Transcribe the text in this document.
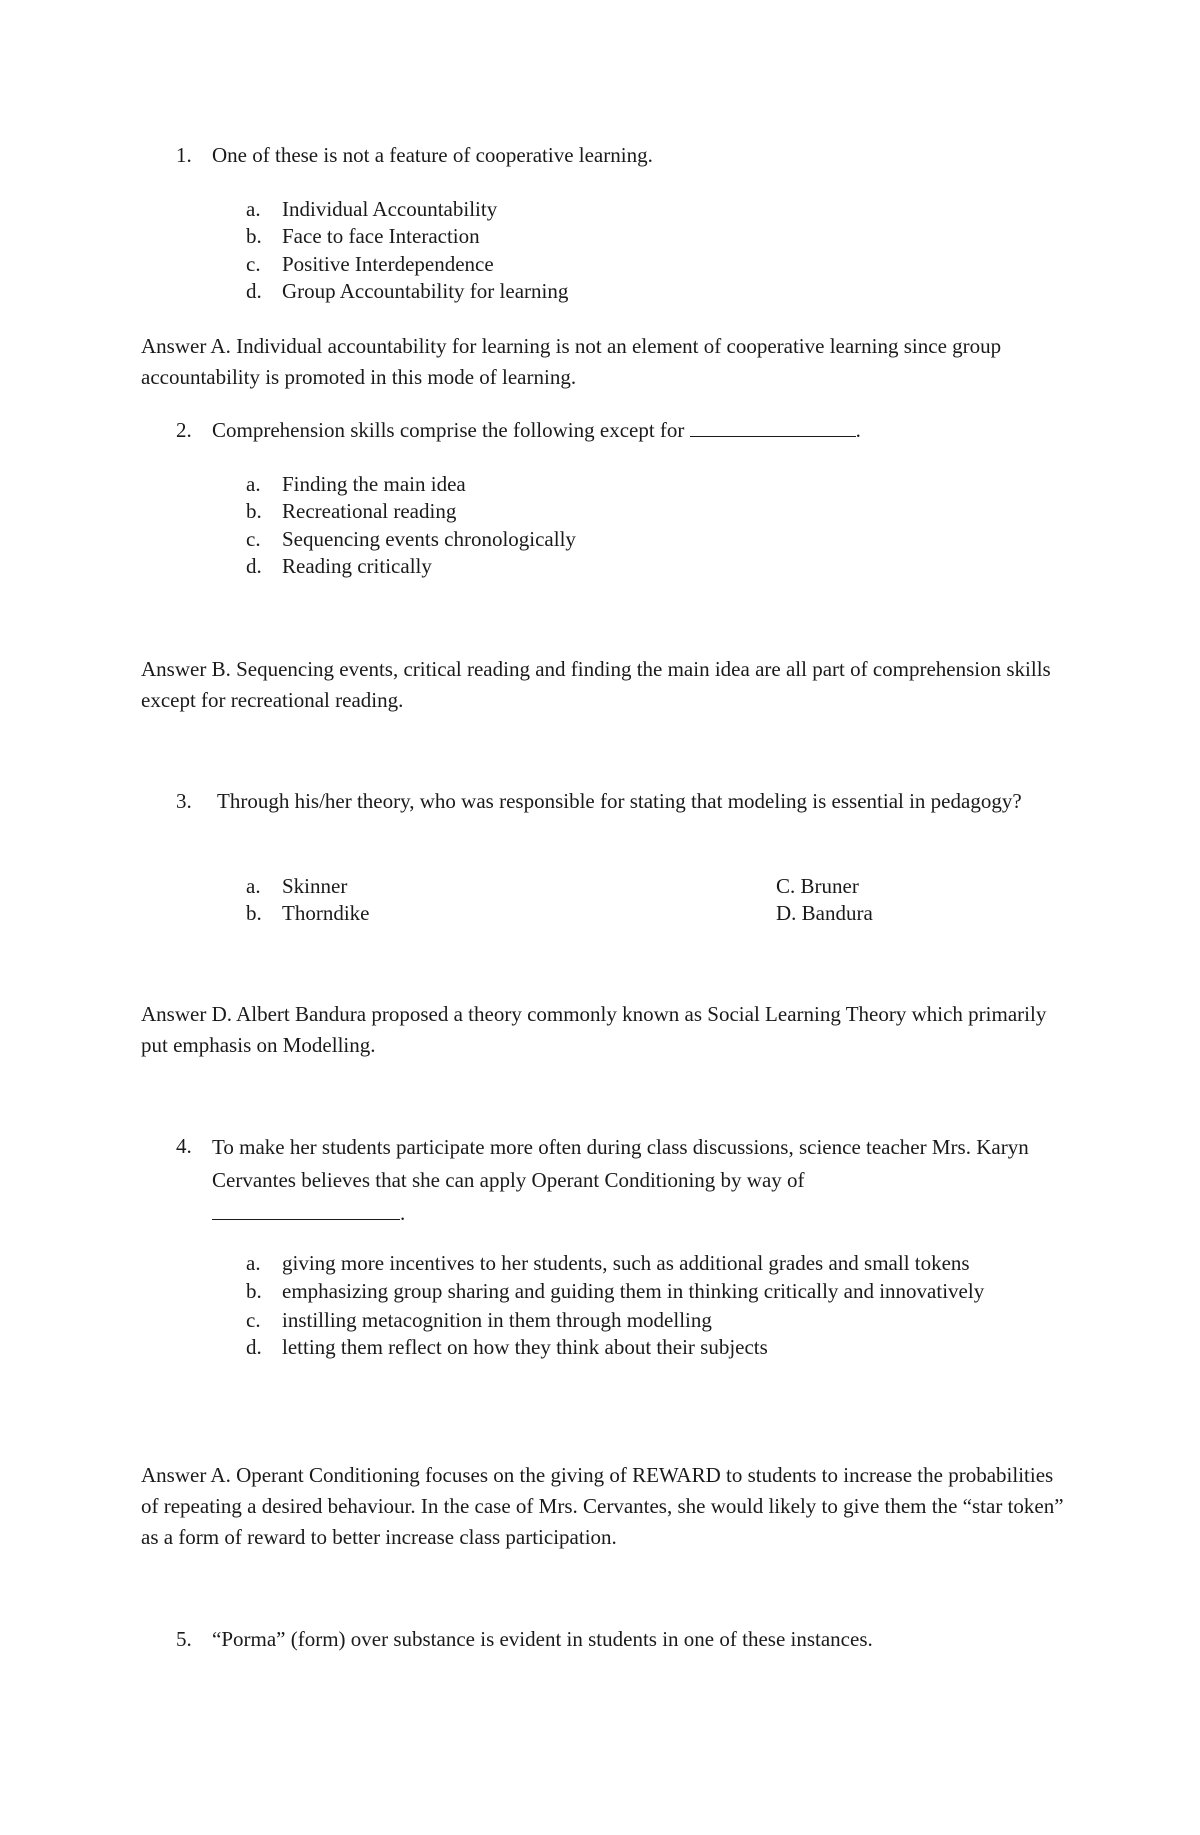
1. One of these is not a feature of cooperative learning.
a.	Individual Accountability
b. Face to face Interaction
c.	Positive Interdependence
d. Group Accountability for learning
Answer A. Individual accountability for learning is not an element of cooperative learning since group accountability is promoted in this mode of learning.
2. Comprehension skills comprise the following except for	.
a.	Finding the main idea
b. Recreational reading
c.	Sequencing events chronologically
d. Reading critically
Answer B. Sequencing events, critical reading and finding the main idea are all part of comprehension skills except for recreational reading.
3.	Through his/her theory, who was responsible for stating that modeling is essential in pedagogy?
a.	Skinner
b. Thorndike
C. Bruner
D. Bandura
Answer D. Albert Bandura proposed a theory commonly known as Social Learning Theory which primarily put emphasis on Modelling.
4. To make her students participate more often during class discussions, science teacher Mrs. Karyn Cervantes believes that she can apply Operant Conditioning by way of
.
a.	giving more incentives to her students, such as additional grades and small tokens
b. emphasizing group sharing and guiding them in thinking critically and innovatively
c.	instilling metacognition in them through modelling
d. letting them reflect on how they think about their subjects
Answer A. Operant Conditioning focuses on the giving of REWARD to students to increase the probabilities of repeating a desired behaviour. In the case of Mrs. Cervantes, she would likely to give them the “star token” as a form of reward to better increase class participation.
5. “Porma” (form) over substance is evident in students in one of these instances.
